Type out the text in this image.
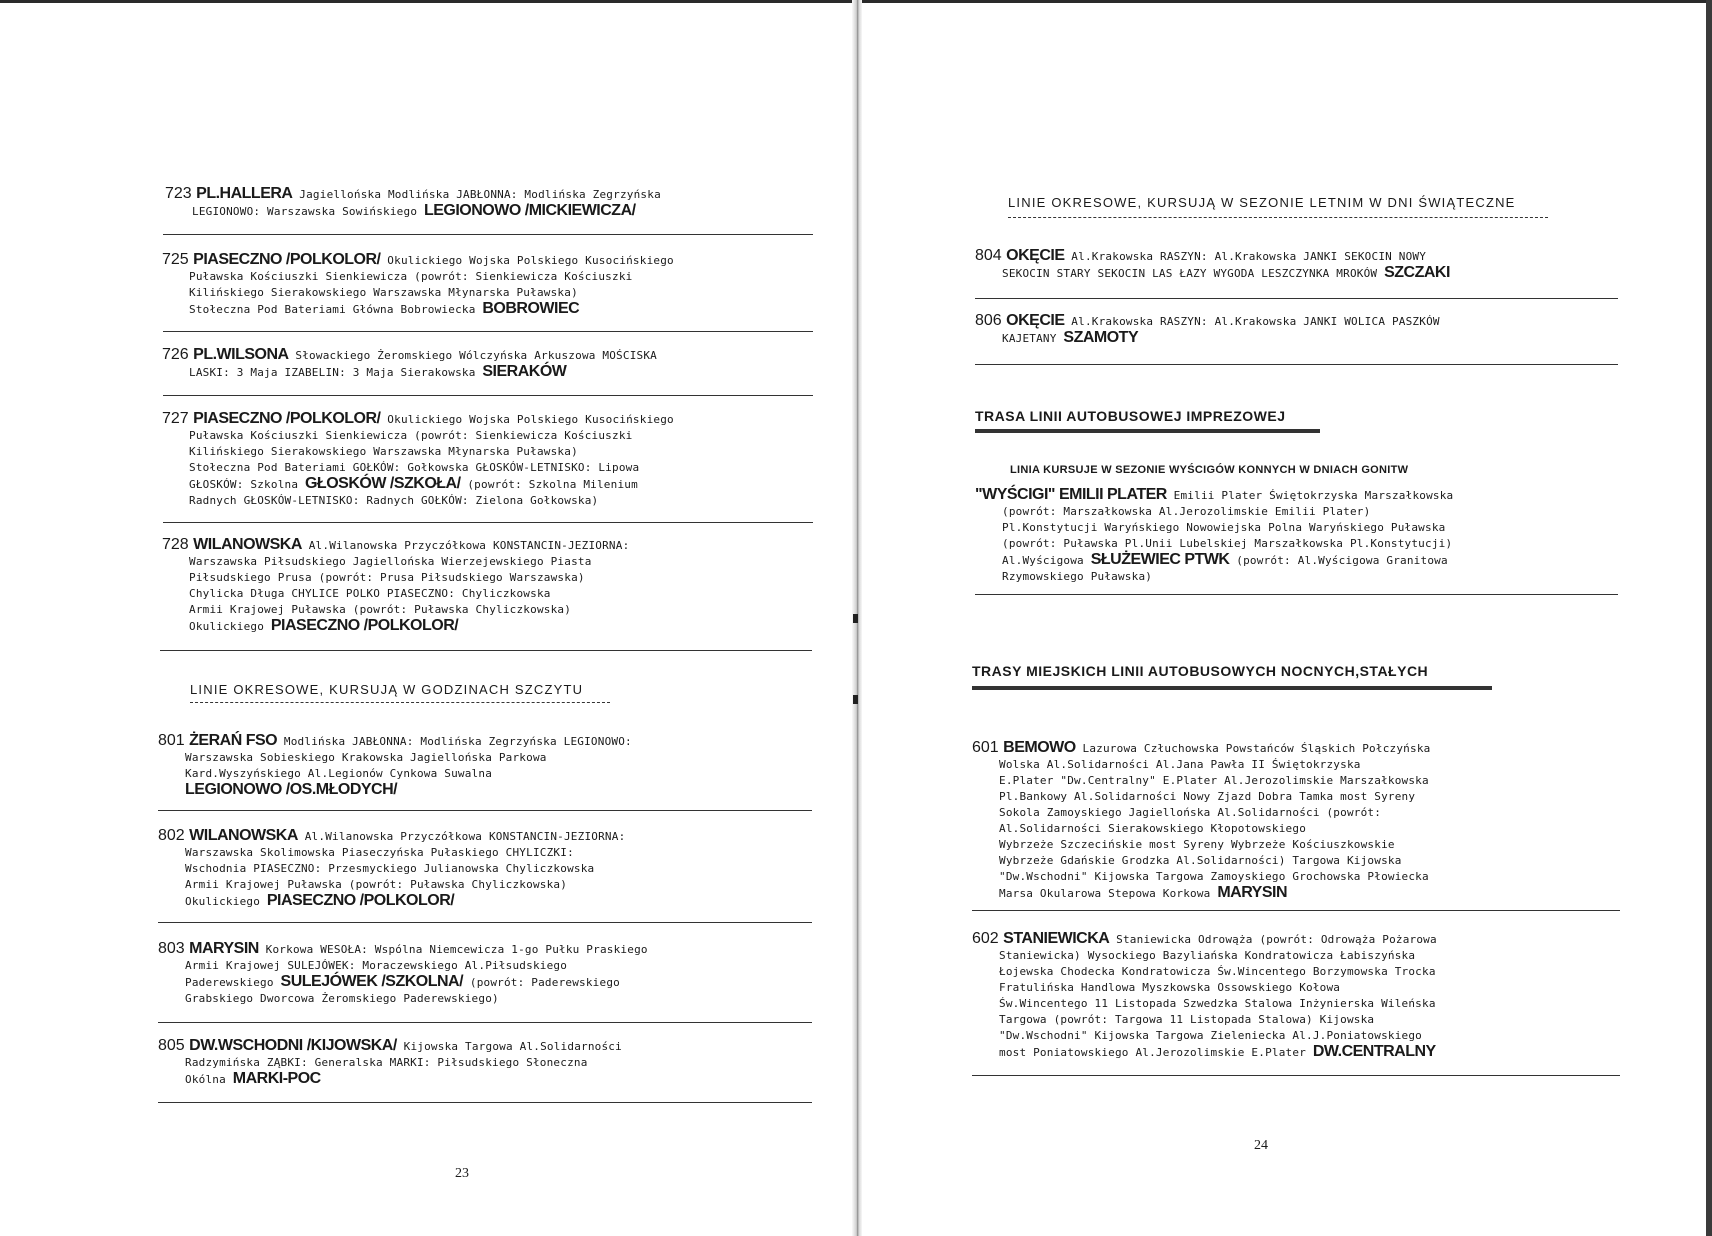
723 PL.HALLERA Jagiellońska Modlińska JABŁONNA: Modlińska Zegrzyńska

LEGIONOWO: Warszawska Sowińskiego LEGIONOWO /MICKIEWICZA/

725 PIASECZNO /POLKOLOR/ Okulickiego Wojska Polskiego Kusocińskiego

Puławska Kościuszki Sienkiewicza (powrót: Sienkiewicza Kościuszki

Kilińskiego Sierakowskiego Warszawska Młynarska Puławska)

Stołeczna Pod Bateriami Główna Bobrowiecka BOBROWIEC

726 PL.WILSONA Słowackiego Żeromskiego Wólczyńska Arkuszowa MOŚCISKA

LASKI: 3 Maja IZABELIN: 3 Maja Sierakowska SIERAKÓW

727 PIASECZNO /POLKOLOR/ Okulickiego Wojska Polskiego Kusocińskiego

Puławska Kościuszki Sienkiewicza (powrót: Sienkiewicza Kościuszki

Kilińskiego Sierakowskiego Warszawska Młynarska Puławska)

Stołeczna Pod Bateriami GOŁKÓW: Gołkowska GŁOSKÓW-LETNISKO: Lipowa

GŁOSKÓW: Szkolna GŁOSKÓW /SZKOŁA/ (powrót: Szkolna Milenium

Radnych GŁOSKÓW-LETNISKO: Radnych GOŁKÓW: Zielona Gołkowska)

728 WILANOWSKA Al.Wilanowska Przyczółkowa KONSTANCIN-JEZIORNA:

Warszawska Piłsudskiego Jagiellońska Wierzejewskiego Piasta

Piłsudskiego Prusa (powrót: Prusa Piłsudskiego Warszawska)

Chylicka Długa CHYLICE POLKO PIASECZNO: Chyliczkowska

Armii Krajowej Puławska (powrót: Puławska Chyliczkowska)

Okulickiego PIASECZNO /POLKOLOR/

LINIE OKRESOWE, KURSUJĄ W GODZINACH SZCZYTU

801 ŻERAŃ FSO Modlińska JABŁONNA: Modlińska Zegrzyńska LEGIONOWO:

Warszawska Sobieskiego Krakowska Jagiellońska Parkowa

Kard.Wyszyńskiego Al.Legionów Cynkowa Suwalna

LEGIONOWO /OS.MŁODYCH/

802 WILANOWSKA Al.Wilanowska Przyczółkowa KONSTANCIN-JEZIORNA:

Warszawska Skolimowska Piaseczyńska Pułaskiego CHYLICZKI:

Wschodnia PIASECZNO: Przesmyckiego Julianowska Chyliczkowska

Armii Krajowej Puławska (powrót: Puławska Chyliczkowska)

Okulickiego PIASECZNO /POLKOLOR/

803 MARYSIN Korkowa WESOŁA: Wspólna Niemcewicza 1-go Pułku Praskiego

Armii Krajowej SULEJÓWEK: Moraczewskiego Al.Piłsudskiego

Paderewskiego SULEJÓWEK /SZKOLNA/ (powrót: Paderewskiego

Grabskiego Dworcowa Żeromskiego Paderewskiego)

805 DW.WSCHODNI /KIJOWSKA/ Kijowska Targowa Al.Solidarności

Radzymińska ZĄBKI: Generalska MARKI: Piłsudskiego Słoneczna

Okólna MARKI-POC

23
LINIE OKRESOWE, KURSUJĄ W SEZONIE LETNIM W DNI ŚWIĄTECZNE

804 OKĘCIE Al.Krakowska RASZYN: Al.Krakowska JANKI SEKOCIN NOWY

SEKOCIN STARY SEKOCIN LAS ŁAZY WYGODA LESZCZYNKA MROKÓW SZCZAKI

806 OKĘCIE Al.Krakowska RASZYN: Al.Krakowska JANKI WOLICA PASZKÓW

KAJETANY SZAMOTY

TRASA LINII AUTOBUSOWEJ IMPREZOWEJ
LINIA KURSUJE W SEZONIE WYŚCIGÓW KONNYCH W DNIACH GONITW

"WYŚCIGI" EMILII PLATER Emilii Plater Świętokrzyska Marszałkowska

(powrót: Marszałkowska Al.Jerozolimskie Emilii Plater)

Pl.Konstytucji Waryńskiego Nowowiejska Polna Waryńskiego Puławska

(powrót: Puławska Pl.Unii Lubelskiej Marszałkowska Pl.Konstytucji)

Al.Wyścigowa SŁUŻEWIEC PTWK (powrót: Al.Wyścigowa Granitowa

Rzymowskiego Puławska)

TRASY MIEJSKICH LINII AUTOBUSOWYCH NOCNYCH,STAŁYCH

601 BEMOWO Lazurowa Człuchowska Powstańców Śląskich Połczyńska

Wolska Al.Solidarności Al.Jana Pawła II Świętokrzyska

E.Plater "Dw.Centralny" E.Plater Al.Jerozolimskie Marszałkowska

Pl.Bankowy Al.Solidarności Nowy Zjazd Dobra Tamka most Syreny

Sokola Zamoyskiego Jagiellońska Al.Solidarności (powrót:

Al.Solidarności Sierakowskiego Kłopotowskiego

Wybrzeże Szczecińskie most Syreny Wybrzeże Kościuszkowskie

Wybrzeże Gdańskie Grodzka Al.Solidarności) Targowa Kijowska

"Dw.Wschodni" Kijowska Targowa Zamoyskiego Grochowska Płowiecka

Marsa Okularowa Stepowa Korkowa MARYSIN

602 STANIEWICKA Staniewicka Odrowąża (powrót: Odrowąża Pożarowa

Staniewicka) Wysockiego Bazyliańska Kondratowicza Łabiszyńska

Łojewska Chodecka Kondratowicza Św.Wincentego Borzymowska Trocka

Fratulińska Handlowa Myszkowska Ossowskiego Kołowa

Św.Wincentego 11 Listopada Szwedzka Stalowa Inżynierska Wileńska

Targowa (powrót: Targowa 11 Listopada Stalowa) Kijowska

"Dw.Wschodni" Kijowska Targowa Zieleniecka Al.J.Poniatowskiego

most Poniatowskiego Al.Jerozolimskie E.Plater DW.CENTRALNY

24
